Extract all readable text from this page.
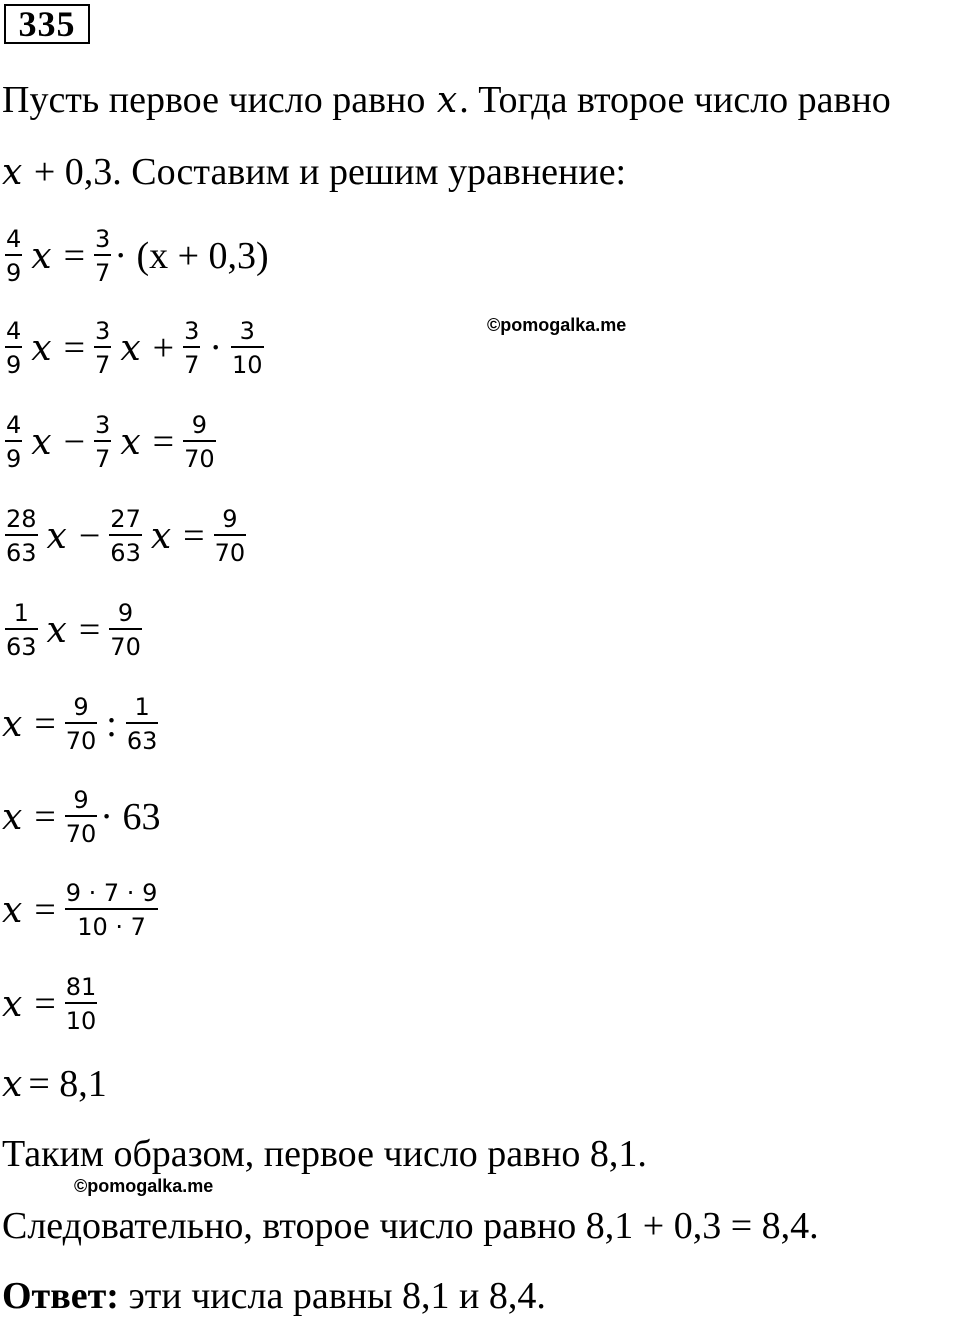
335
Пусть первое число равно x. Тогда второе число равно
x + 0,3. Составим и решим уравнение:
$\frac{4}{9}$ $x = \frac{3}{7} \cdot (x + 0,3)$
$\frac{4}{9}$ $x = \frac{3}{7}$ $x + \frac{3}{7} \cdot \frac{3}{10}$	©pomogalka.me
$\frac{4}{9}$ $x - \frac{3}{7}$ $x = \frac{9}{70}$
$\frac{28}{63}$ $x - \frac{27}{63}$ $x = \frac{9}{70}$
$\frac{1}{63}$ $x = \frac{9}{70}$
$x = \frac{9}{70}$ : $\frac{1}{63}$
$x = \frac{9}{70} \cdot 63$
$x = \frac{9 \cdot 7 \cdot 9}{10 \cdot 7}$
$x = \frac{81}{10}$
x = 8,1
Таким образом, первое число равно 8,1.
©pomogalka.me
Следовательно, второе число равно 8,1 + 0,3 = 8,4.
Ответ: эти числа равны 8,1 и 8,4.
